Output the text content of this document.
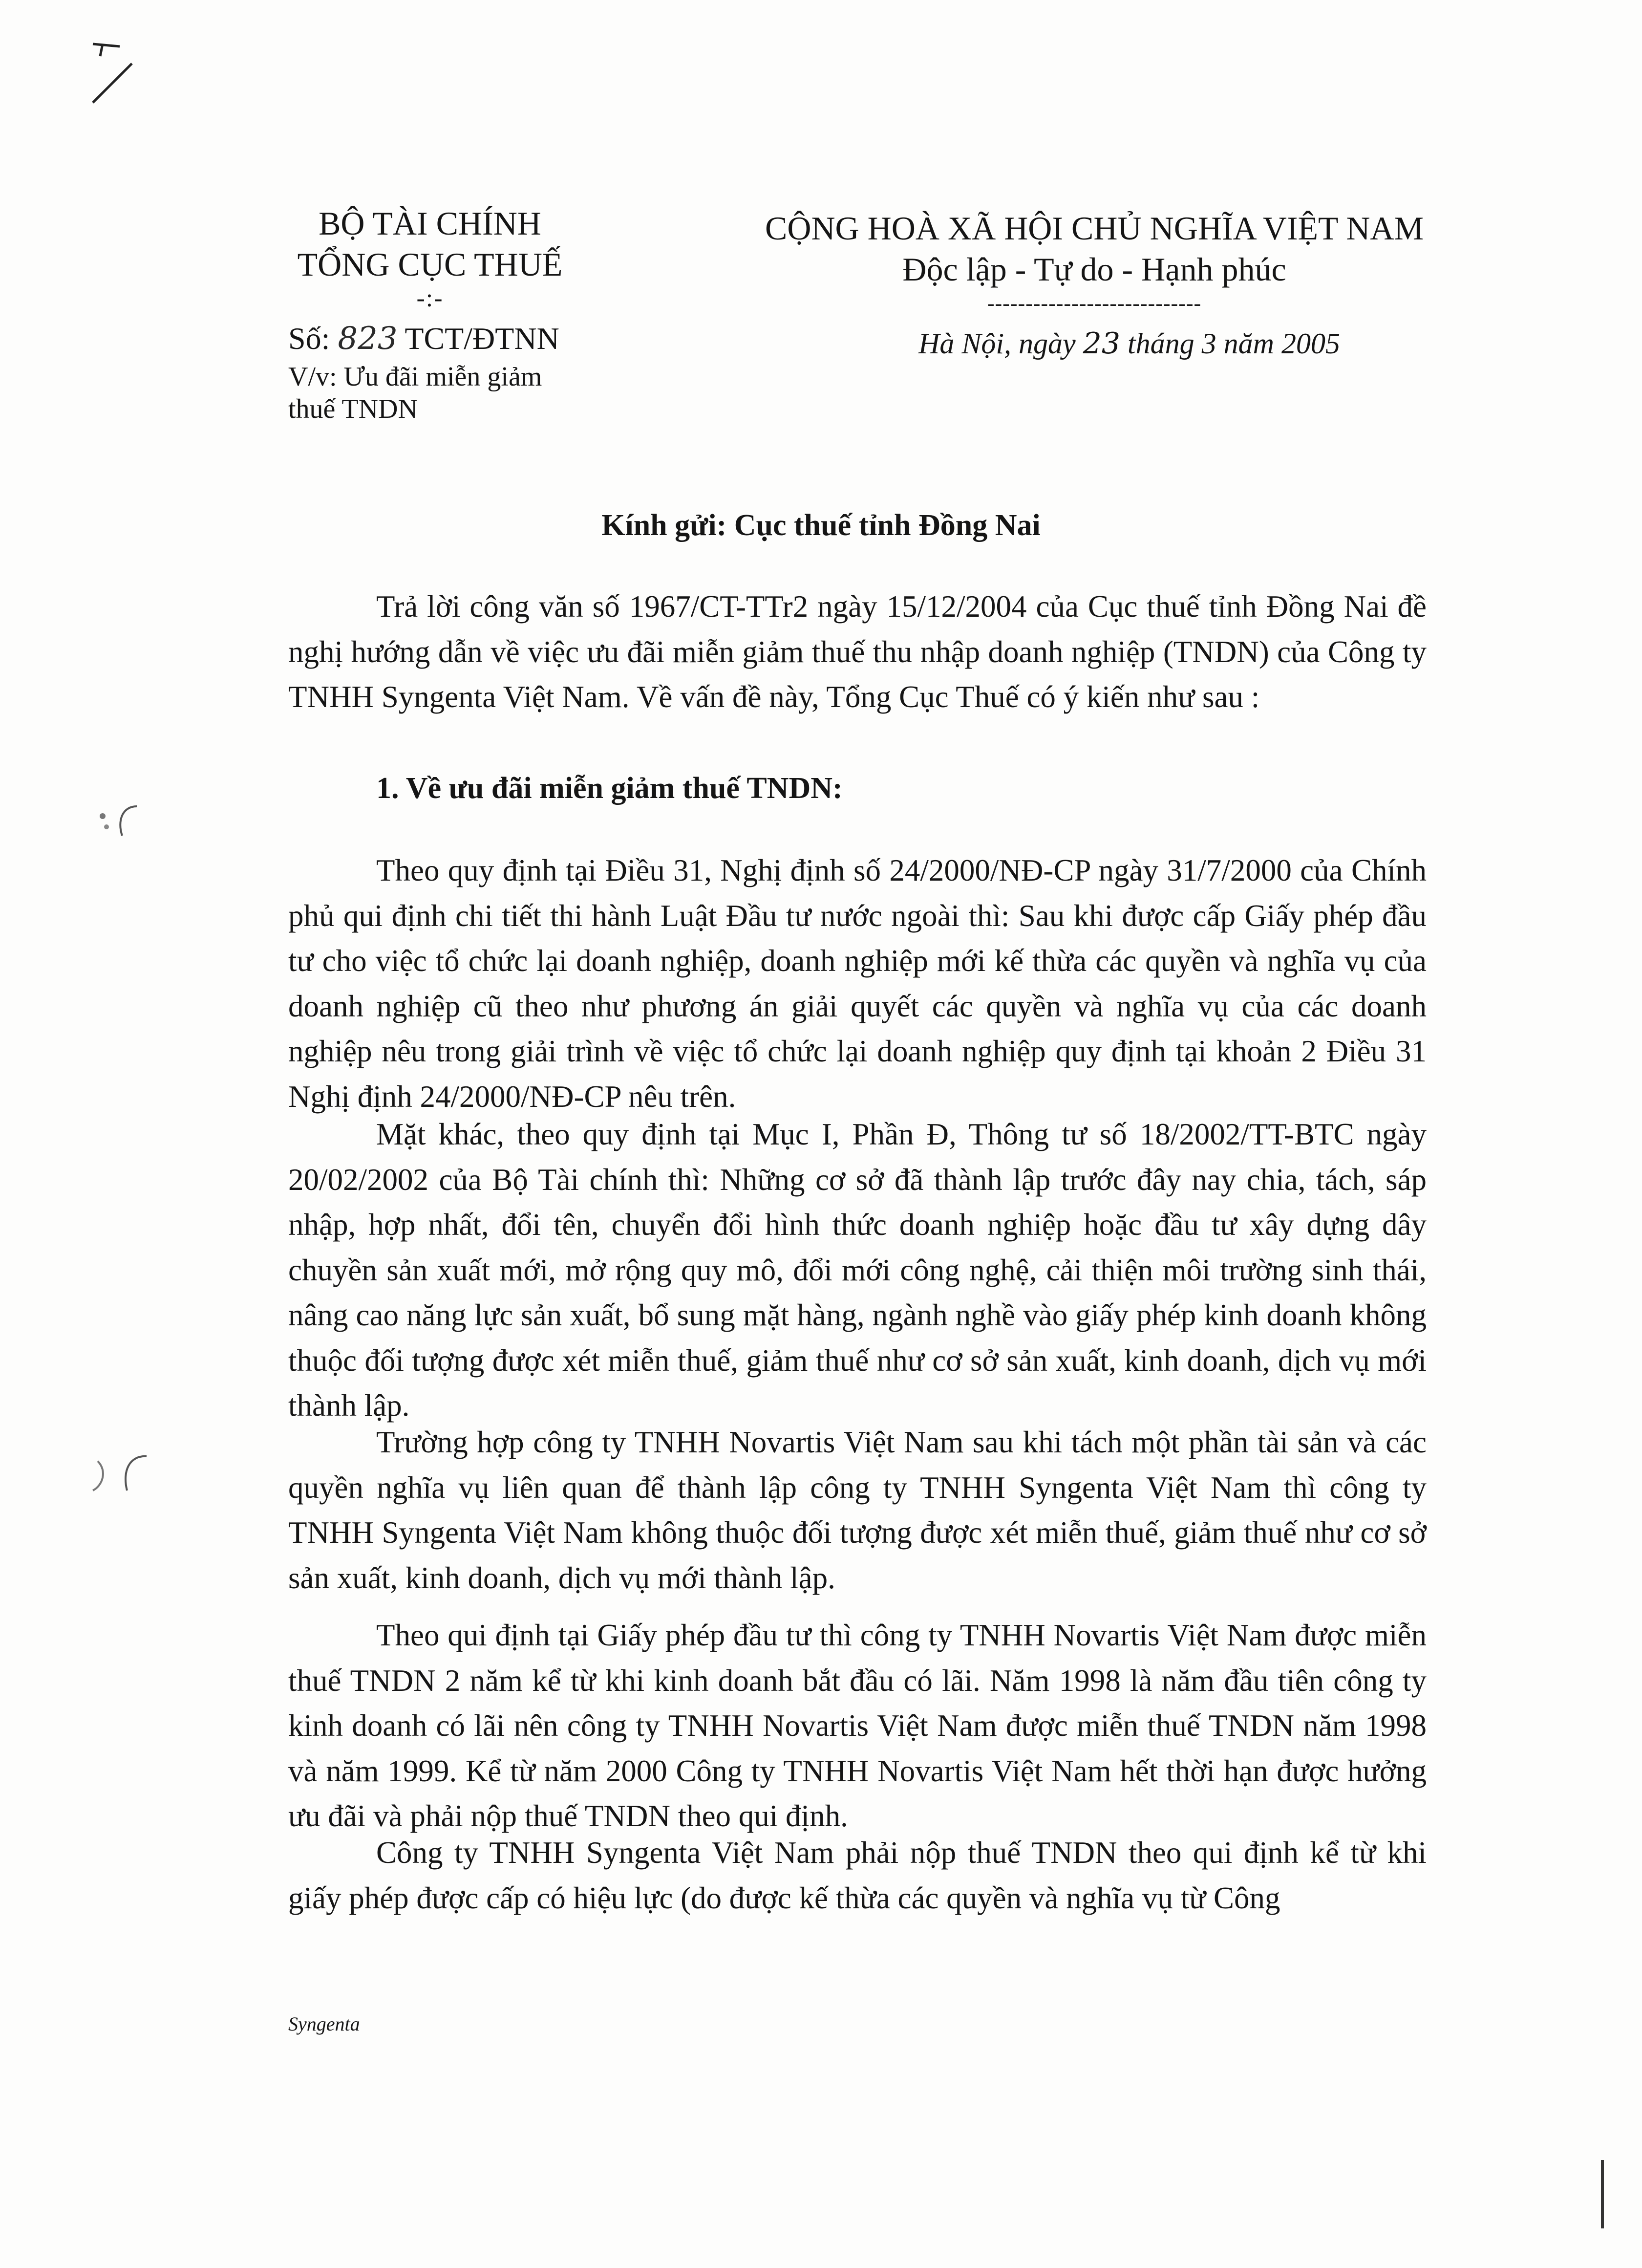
BỘ TÀI CHÍNH
TỔNG CỤC THUẾ
-:-
Số: 823 TCT/ĐTNN
V/v: Ưu đãi miễn giảm
thuế TNDN
CỘNG HOÀ XÃ HỘI CHỦ NGHĨA VIỆT NAM
Độc lập - Tự do - Hạnh phúc
----------------------------
Hà Nội, ngày 23 tháng 3 năm 2005
Kính gửi: Cục thuế tỉnh Đồng Nai

Trả lời công văn số 1967/CT-TTr2 ngày 15/12/2004 của Cục thuế tỉnh Đồng Nai đề nghị hướng dẫn về việc ưu đãi miễn giảm thuế thu nhập doanh nghiệp (TNDN) của Công ty TNHH Syngenta Việt Nam. Về vấn đề này, Tổng Cục Thuế có ý kiến như sau :

1. Về ưu đãi miễn giảm thuế TNDN:

Theo quy định tại Điều 31, Nghị định số 24/2000/NĐ-CP ngày 31/7/2000 của Chính phủ qui định chi tiết thi hành Luật Đầu tư nước ngoài thì: Sau khi được cấp Giấy phép đầu tư cho việc tổ chức lại doanh nghiệp, doanh nghiệp mới kế thừa các quyền và nghĩa vụ của doanh nghiệp cũ theo như phương án giải quyết các quyền và nghĩa vụ của các doanh nghiệp nêu trong giải trình về việc tổ chức lại doanh nghiệp quy định tại khoản 2 Điều 31 Nghị định 24/2000/NĐ-CP nêu trên.

Mặt khác, theo quy định tại Mục I, Phần Đ, Thông tư số 18/2002/TT-BTC ngày 20/02/2002 của Bộ Tài chính thì: Những cơ sở đã thành lập trước đây nay chia, tách, sáp nhập, hợp nhất, đổi tên, chuyển đổi hình thức doanh nghiệp hoặc đầu tư xây dựng dây chuyền sản xuất mới, mở rộng quy mô, đổi mới công nghệ, cải thiện môi trường sinh thái, nâng cao năng lực sản xuất, bổ sung mặt hàng, ngành nghề vào giấy phép kinh doanh không thuộc đối tượng được xét miễn thuế, giảm thuế như cơ sở sản xuất, kinh doanh, dịch vụ mới thành lập.

Trường hợp công ty TNHH Novartis Việt Nam sau khi tách một phần tài sản và các quyền nghĩa vụ liên quan để thành lập công ty TNHH Syngenta Việt Nam thì công ty TNHH Syngenta Việt Nam không thuộc đối tượng được xét miễn thuế, giảm thuế như cơ sở sản xuất, kinh doanh, dịch vụ mới thành lập.

Theo qui định tại Giấy phép đầu tư thì công ty TNHH Novartis Việt Nam được miễn thuế TNDN 2 năm kể từ khi kinh doanh bắt đầu có lãi. Năm 1998 là năm đầu tiên công ty kinh doanh có lãi nên công ty TNHH Novartis Việt Nam được miễn thuế TNDN năm 1998 và năm 1999. Kể từ năm 2000 Công ty TNHH Novartis Việt Nam hết thời hạn được hưởng ưu đãi và phải nộp thuế TNDN theo qui định.

Công ty TNHH Syngenta Việt Nam phải nộp thuế TNDN theo qui định kể từ khi giấy phép được cấp có hiệu lực (do được kế thừa các quyền và nghĩa vụ từ Công

Syngenta
